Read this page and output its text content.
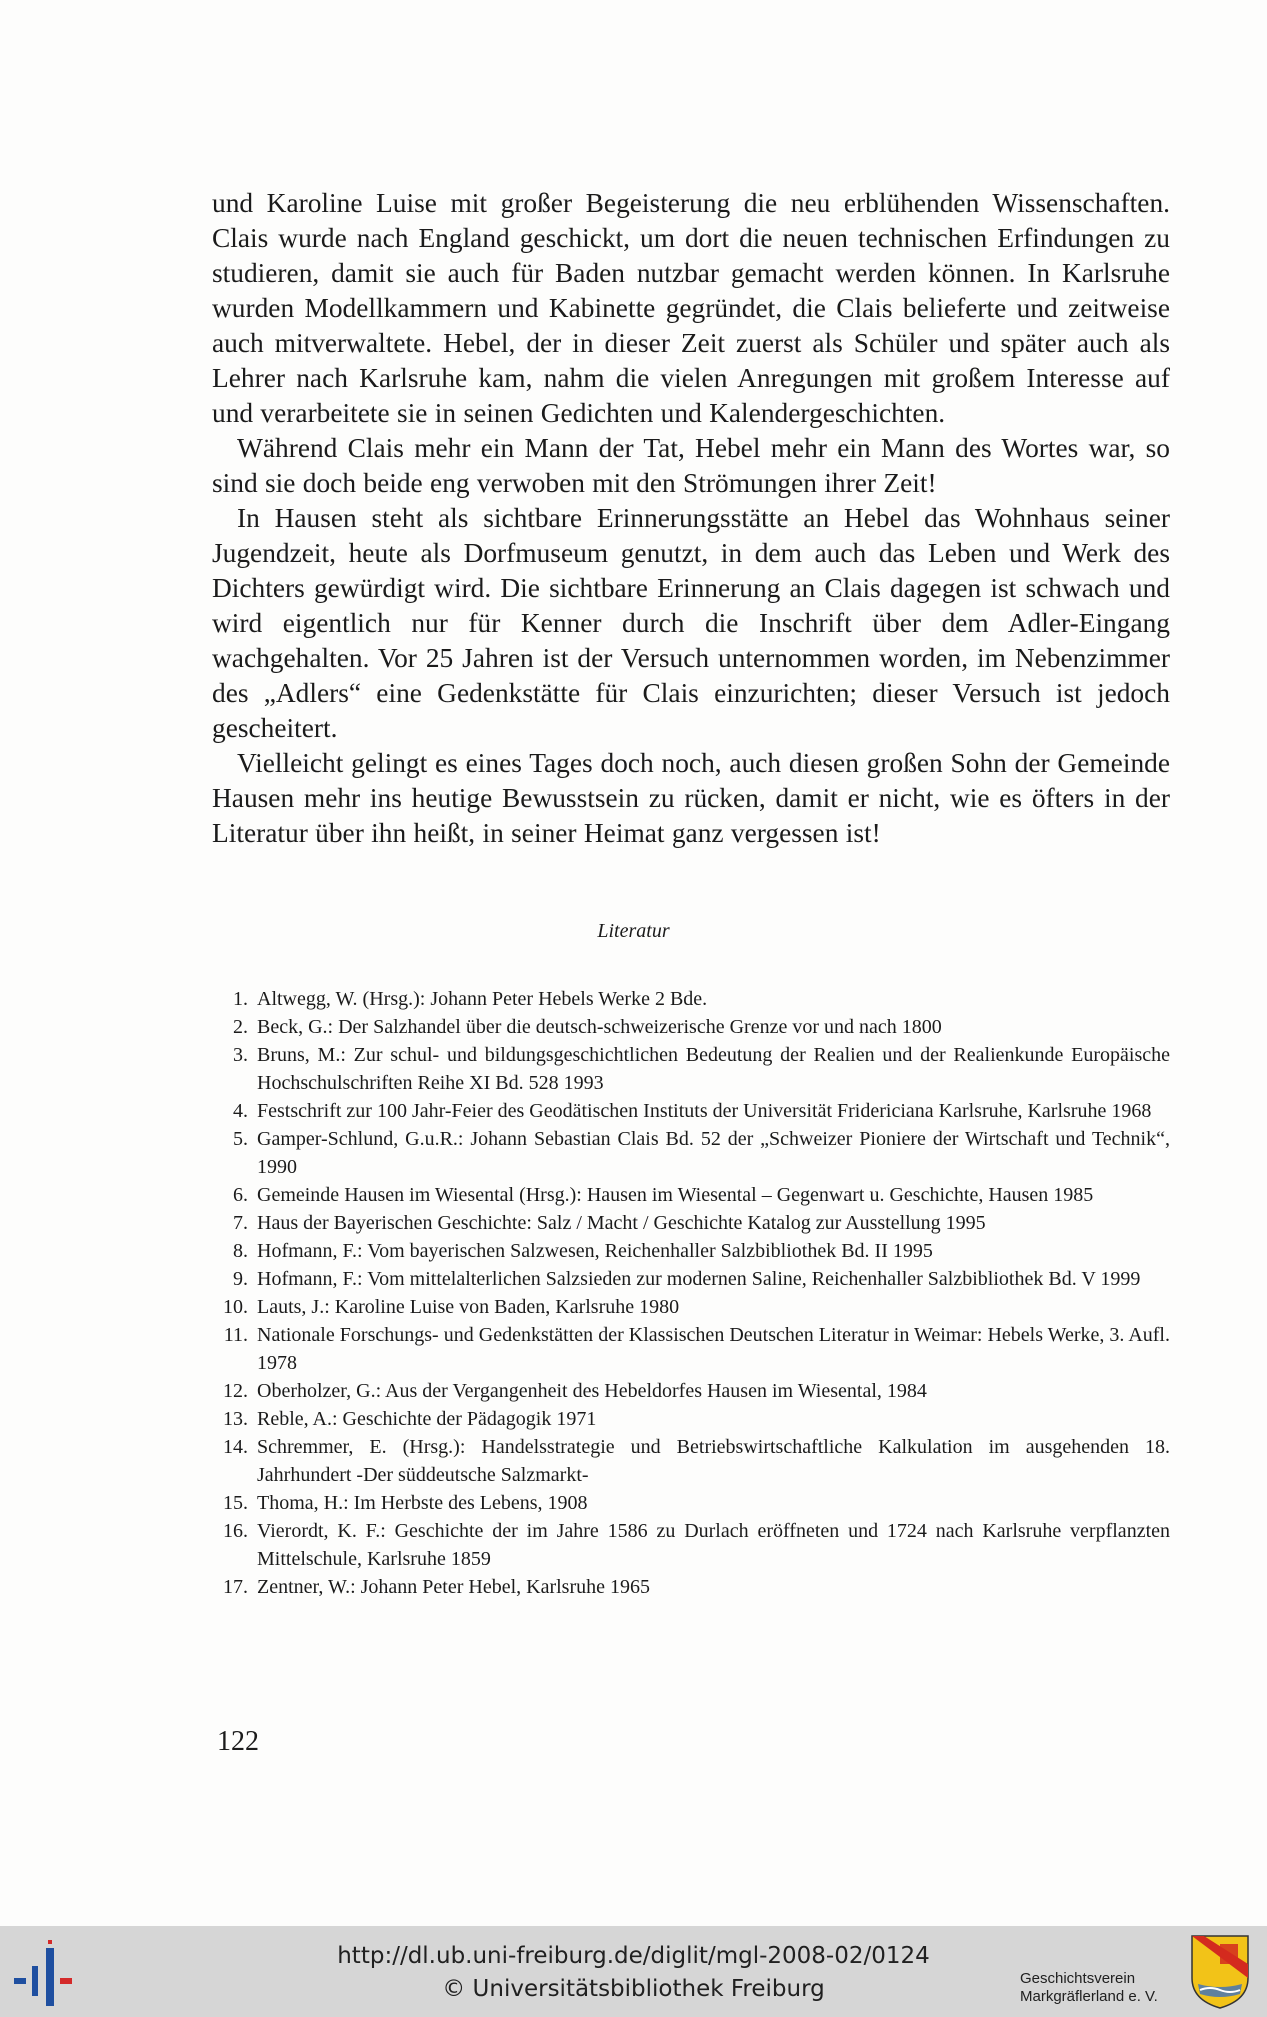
und Karoline Luise mit großer Begeisterung die neu erblühenden Wissenschaften. Clais wurde nach England geschickt, um dort die neuen technischen Erfindungen zu studieren, damit sie auch für Baden nutzbar gemacht werden können. In Karlsruhe wurden Modellkammern und Kabinette gegründet, die Clais belieferte und zeitweise auch mitverwaltete. Hebel, der in dieser Zeit zuerst als Schüler und später auch als Lehrer nach Karlsruhe kam, nahm die vielen Anregungen mit großem Interesse auf und verarbeitete sie in seinen Gedichten und Kalendergeschichten.

Während Clais mehr ein Mann der Tat, Hebel mehr ein Mann des Wortes war, so sind sie doch beide eng verwoben mit den Strömungen ihrer Zeit!

In Hausen steht als sichtbare Erinnerungsstätte an Hebel das Wohnhaus seiner Jugendzeit, heute als Dorfmuseum genutzt, in dem auch das Leben und Werk des Dichters gewürdigt wird. Die sichtbare Erinnerung an Clais dagegen ist schwach und wird eigentlich nur für Kenner durch die Inschrift über dem Adler-Eingang wachgehalten. Vor 25 Jahren ist der Versuch unternommen worden, im Nebenzimmer des „Adlers“ eine Gedenkstätte für Clais einzurichten; dieser Versuch ist jedoch gescheitert.

Vielleicht gelingt es eines Tages doch noch, auch diesen großen Sohn der Gemeinde Hausen mehr ins heutige Bewusstsein zu rücken, damit er nicht, wie es öfters in der Literatur über ihn heißt, in seiner Heimat ganz vergessen ist!

Literatur
1. Altwegg, W. (Hrsg.): Johann Peter Hebels Werke 2 Bde.
2. Beck, G.: Der Salzhandel über die deutsch-schweizerische Grenze vor und nach 1800
3. Bruns, M.: Zur schul- und bildungsgeschichtlichen Bedeutung der Realien und der Realienkunde Europäische Hochschulschriften Reihe XI Bd. 528 1993
4. Festschrift zur 100 Jahr-Feier des Geodätischen Instituts der Universität Fridericiana Karlsruhe, Karlsruhe 1968
5. Gamper-Schlund, G.u.R.: Johann Sebastian Clais Bd. 52 der „Schweizer Pioniere der Wirtschaft und Technik“, 1990
6. Gemeinde Hausen im Wiesental (Hrsg.): Hausen im Wiesental – Gegenwart u. Geschichte, Hausen 1985
7. Haus der Bayerischen Geschichte: Salz / Macht / Geschichte Katalog zur Ausstellung 1995
8. Hofmann, F.: Vom bayerischen Salzwesen, Reichenhaller Salzbibliothek Bd. II 1995
9. Hofmann, F.: Vom mittelalterlichen Salzsieden zur modernen Saline, Reichenhaller Salzbibliothek Bd. V 1999
10. Lauts, J.: Karoline Luise von Baden, Karlsruhe 1980
11. Nationale Forschungs- und Gedenkstätten der Klassischen Deutschen Literatur in Weimar: Hebels Werke, 3. Aufl. 1978
12. Oberholzer, G.: Aus der Vergangenheit des Hebeldorfes Hausen im Wiesental, 1984
13. Reble, A.: Geschichte der Pädagogik 1971
14. Schremmer, E. (Hrsg.): Handelsstrategie und Betriebswirtschaftliche Kalkulation im ausgehenden 18. Jahrhundert -Der süddeutsche Salzmarkt-
15. Thoma, H.: Im Herbste des Lebens, 1908
16. Vierordt, K. F.: Geschichte der im Jahre 1586 zu Durlach eröffneten und 1724 nach Karlsruhe verpflanzten Mittelschule, Karlsruhe 1859
17. Zentner, W.: Johann Peter Hebel, Karlsruhe 1965
122
http://dl.ub.uni-freiburg.de/diglit/mgl-2008-02/0124
© Universitätsbibliothek Freiburg	Geschichtsverein
Markgräflerland e. V.
